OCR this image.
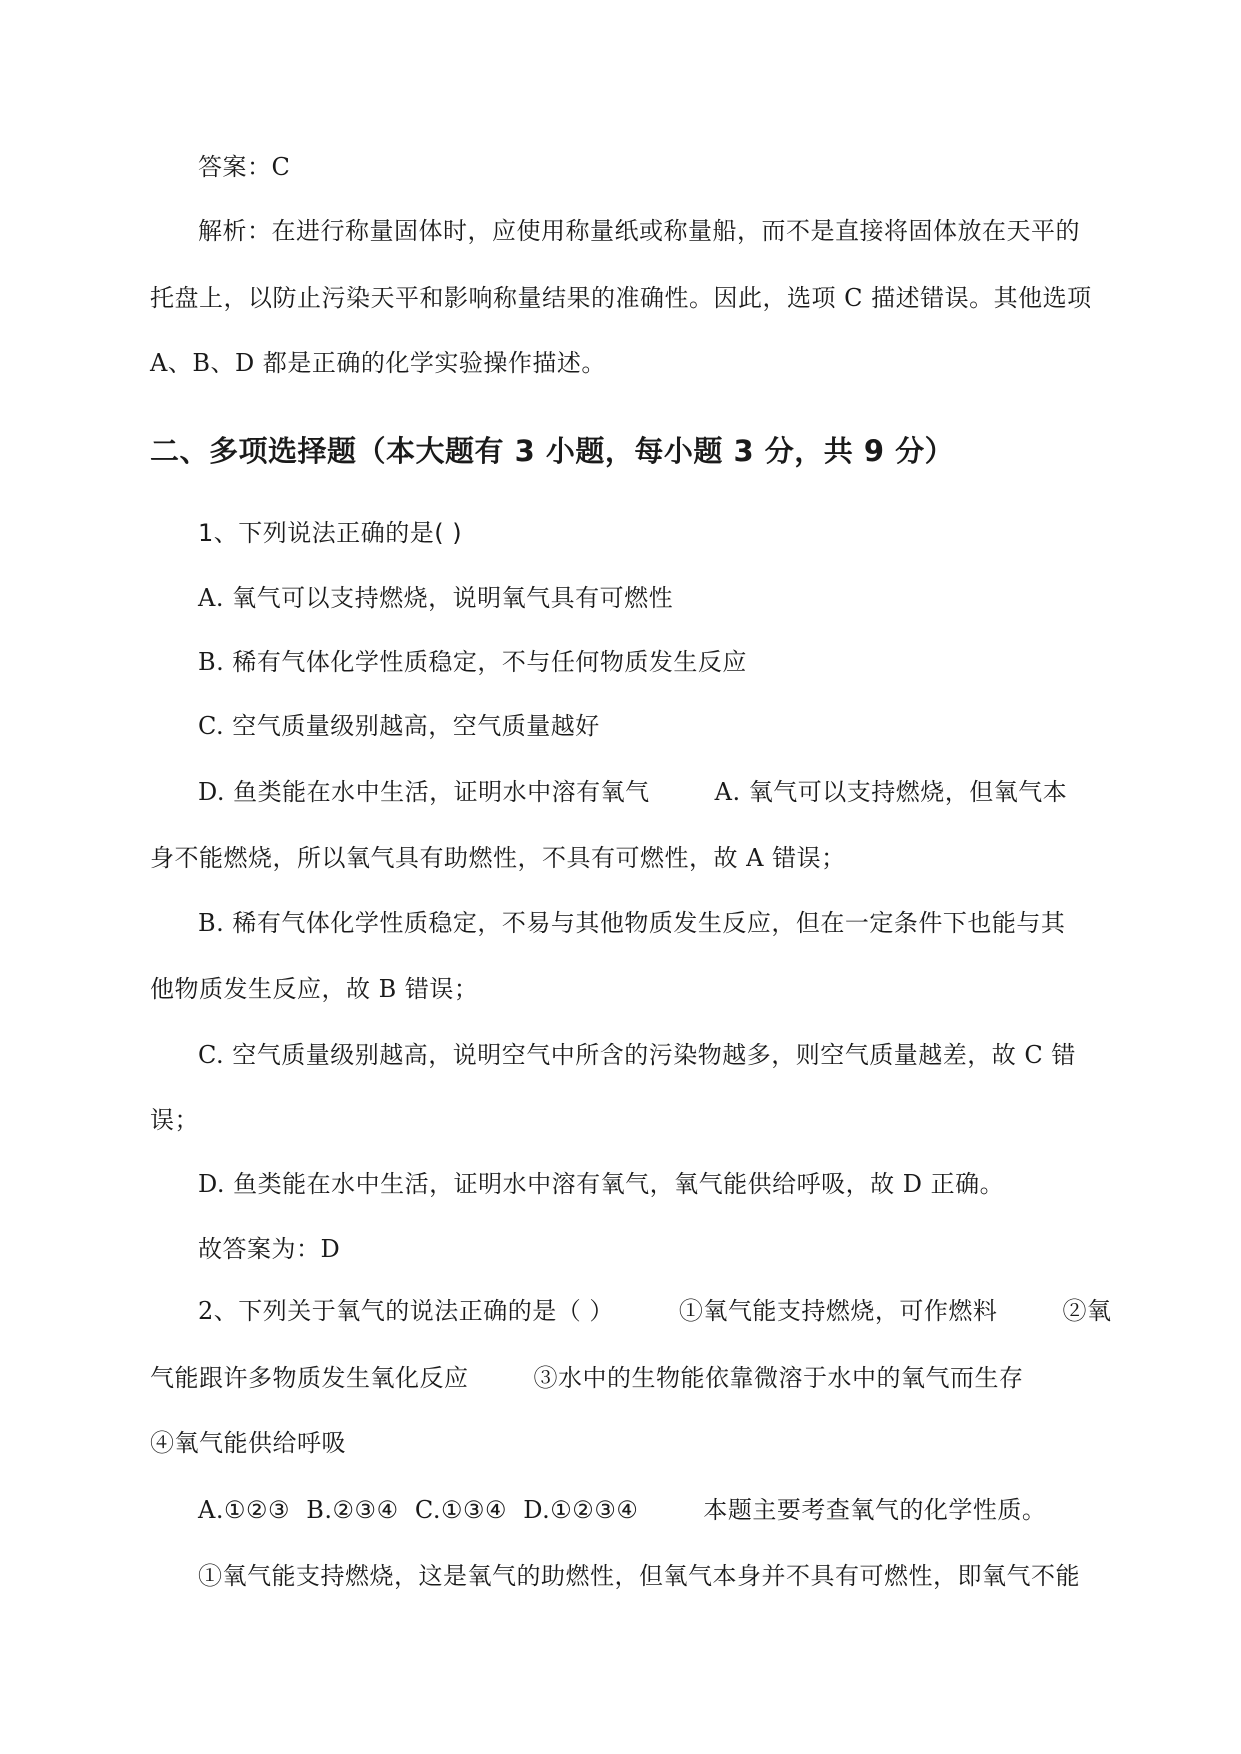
答案：C
解析：在进行称量固体时，应使用称量纸或称量船，而不是直接将固体放在天平的
托盘上，以防止污染天平和影响称量结果的准确性。因此，选项 C 描述错误。其他选项
A、B、D 都是正确的化学实验操作描述。
二、多项选择题（本大题有 3 小题，每小题 3 分，共 9 分）
1、下列说法正确的是( )
A. 氧气可以支持燃烧，说明氧气具有可燃性
B. 稀有气体化学性质稳定，不与任何物质发生反应
C. 空气质量级别越高，空气质量越好
D. 鱼类能在水中生活，证明水中溶有氧气        A. 氧气可以支持燃烧，但氧气本
身不能燃烧，所以氧气具有助燃性，不具有可燃性，故 A 错误；
B. 稀有气体化学性质稳定，不易与其他物质发生反应，但在一定条件下也能与其
他物质发生反应，故 B 错误；
C. 空气质量级别越高，说明空气中所含的污染物越多，则空气质量越差，故 C 错
误；
D. 鱼类能在水中生活，证明水中溶有氧气，氧气能供给呼吸，故 D 正确。
故答案为：D
2、下列关于氧气的说法正确的是（ ）        ①氧气能支持燃烧，可作燃料        ②氧
气能跟许多物质发生氧化反应        ③水中的生物能依靠微溶于水中的氧气而生存
④氧气能供给呼吸
A.①②③  B.②③④  C.①③④  D.①②③④        本题主要考查氧气的化学性质。
①氧气能支持燃烧，这是氧气的助燃性，但氧气本身并不具有可燃性，即氧气不能
